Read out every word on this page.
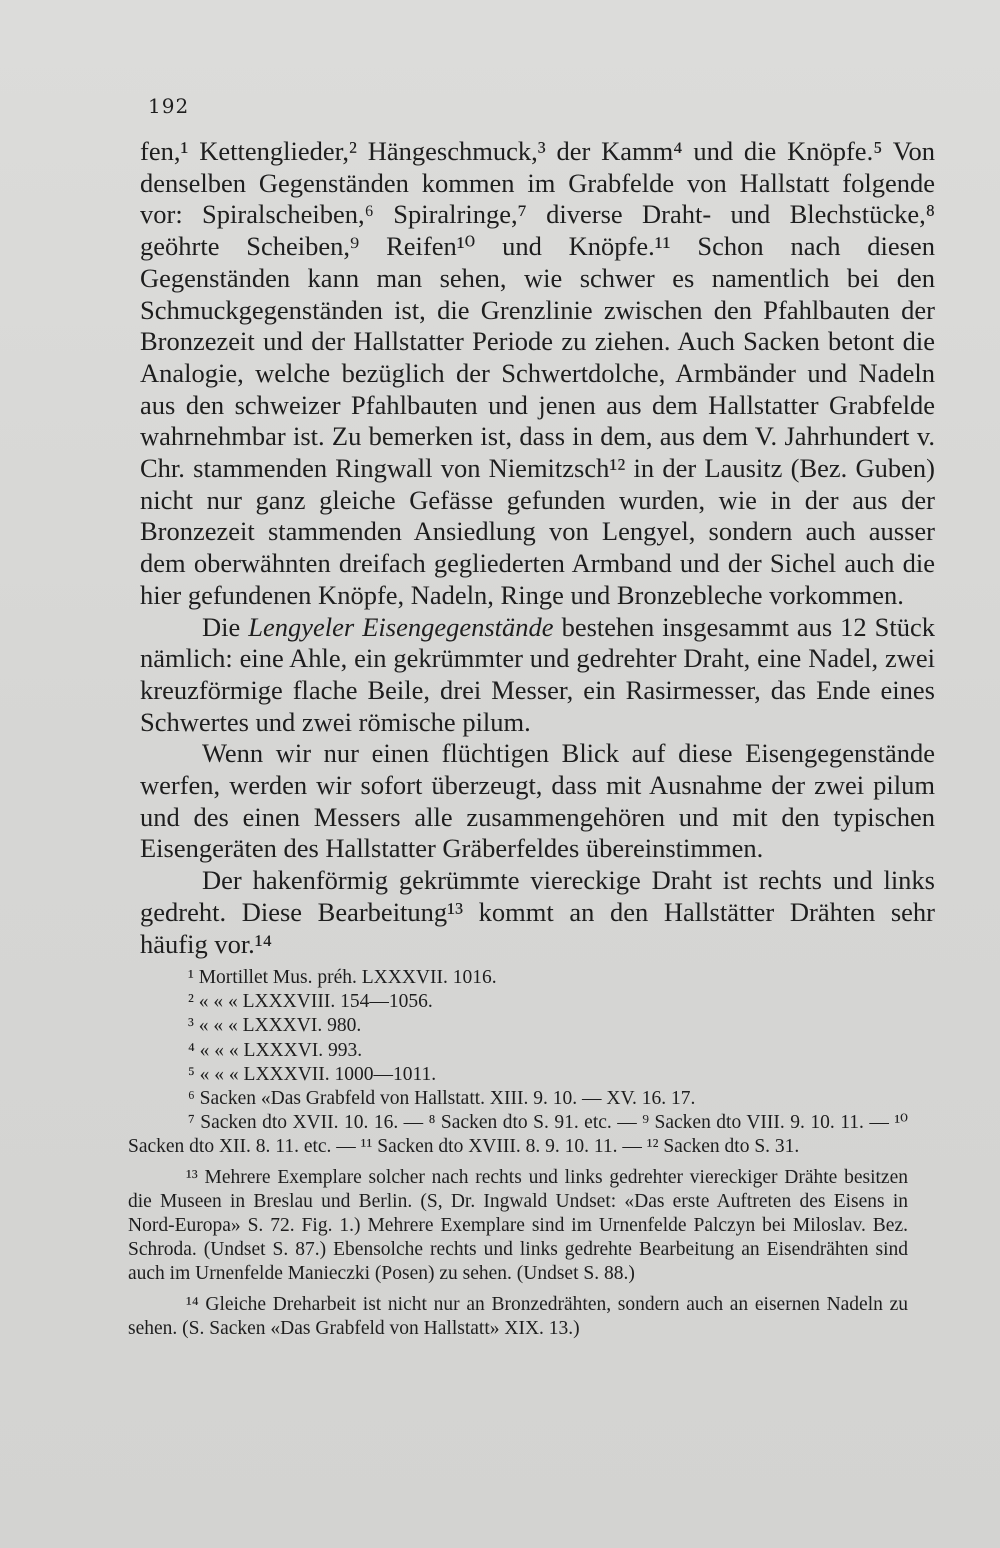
192

fen,¹ Kettenglieder,² Hängeschmuck,³ der Kamm⁴ und die Knöpfe.⁵ Von denselben Gegenständen kommen im Grabfelde von Hallstatt folgende vor: Spiralscheiben,⁶ Spiralringe,⁷ diverse Draht- und Blechstücke,⁸ geöhrte Scheiben,⁹ Reifen¹⁰ und Knöpfe.¹¹ Schon nach diesen Gegenständen kann man sehen, wie schwer es namentlich bei den Schmuckgegenständen ist, die Grenzlinie zwischen den Pfahlbauten der Bronzezeit und der Hallstatter Periode zu ziehen. Auch Sacken betont die Analogie, welche bezüglich der Schwertdolche, Armbänder und Nadeln aus den schweizer Pfahlbauten und jenen aus dem Hallstatter Grabfelde wahrnehmbar ist. Zu bemerken ist, dass in dem, aus dem V. Jahrhundert v. Chr. stammenden Ringwall von Niemitzsch¹² in der Lausitz (Bez. Guben) nicht nur ganz gleiche Gefässe gefunden wurden, wie in der aus der Bronzezeit stammenden Ansiedlung von Lengyel, sondern auch ausser dem oberwähnten dreifach gegliederten Armband und der Sichel auch die hier gefundenen Knöpfe, Nadeln, Ringe und Bronzebleche vorkommen.

Die Lengyeler Eisengegenstände bestehen insgesammt aus 12 Stück nämlich: eine Ahle, ein gekrümmter und gedrehter Draht, eine Nadel, zwei kreuzförmige flache Beile, drei Messer, ein Rasirmesser, das Ende eines Schwertes und zwei römische pilum.

Wenn wir nur einen flüchtigen Blick auf diese Eisengegenstände werfen, werden wir sofort überzeugt, dass mit Ausnahme der zwei pilum und des einen Messers alle zusammengehören und mit den typischen Eisengeräten des Hallstatter Gräberfeldes übereinstimmen.

Der hakenförmig gekrümmte viereckige Draht ist rechts und links gedreht. Diese Bearbeitung¹³ kommt an den Hallstätter Drähten sehr häufig vor.¹⁴

¹ Mortillet Mus. préh. LXXXVII. 1016.
² « « « LXXXVIII. 154—1056.
³ « « « LXXXVI. 980.
⁴ « « « LXXXVI. 993.
⁵ « « « LXXXVII. 1000—1011.
⁶ Sacken «Das Grabfeld von Hallstatt. XIII. 9. 10. — XV. 16. 17.

⁷ Sacken dto XVII. 10. 16. — ⁸ Sacken dto S. 91. etc. — ⁹ Sacken dto VIII. 9. 10. 11. — ¹⁰ Sacken dto XII. 8. 11. etc. — ¹¹ Sacken dto XVIII. 8. 9. 10. 11. — ¹² Sacken dto S. 31.

¹³ Mehrere Exemplare solcher nach rechts und links gedrehter viereckiger Drähte besitzen die Museen in Breslau und Berlin. (S, Dr. Ingwald Undset: «Das erste Auftreten des Eisens in Nord-Europa» S. 72. Fig. 1.) Mehrere Exemplare sind im Urnenfelde Palczyn bei Miloslav. Bez. Schroda. (Undset S. 87.) Ebensolche rechts und links gedrehte Bearbeitung an Eisendrähten sind auch im Urnenfelde Manieczki (Posen) zu sehen. (Undset S. 88.)

¹⁴ Gleiche Dreharbeit ist nicht nur an Bronzedrähten, sondern auch an eisernen Nadeln zu sehen. (S. Sacken «Das Grabfeld von Hallstatt» XIX. 13.)
